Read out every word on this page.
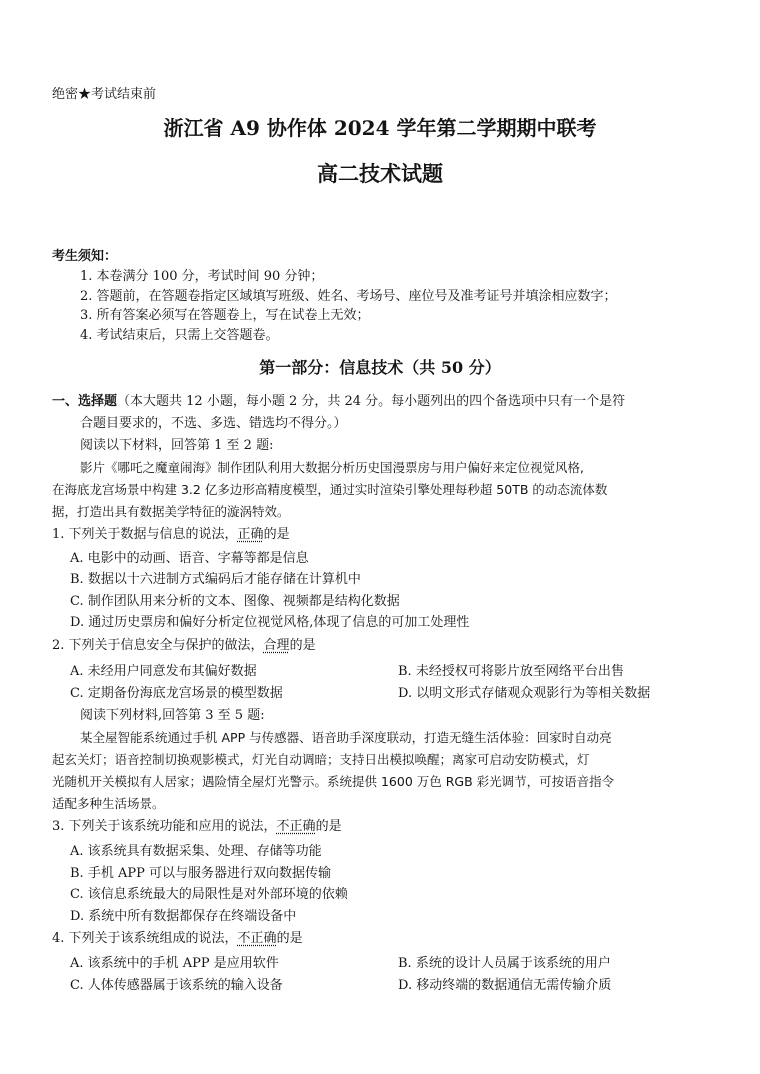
绝密★考试结束前
浙江省 A9 协作体 2024 学年第二学期期中联考
高二技术试题
考生须知：
1. 本卷满分 100 分，考试时间 90 分钟；
2. 答题前，在答题卷指定区域填写班级、姓名、考场号、座位号及准考证号并填涂相应数字；
3. 所有答案必须写在答题卷上，写在试卷上无效；
4. 考试结束后，只需上交答题卷。
第一部分：信息技术（共 50 分）
一、选择题（本大题共 12 小题，每小题 2 分，共 24 分。每小题列出的四个备选项中只有一个是符
合题目要求的，不选、多选、错选均不得分。）
阅读以下材料，回答第 1 至 2 题:
影片《哪吒之魔童闹海》制作团队利用大数据分析历史国漫票房与用户偏好来定位视觉风格,
在海底龙宫场景中构建 3.2 亿多边形高精度模型，通过实时渲染引擎处理每秒超 50TB 的动态流体数
据，打造出具有数据美学特征的漩涡特效。
1. 下列关于数据与信息的说法，正确的是
A. 电影中的动画、语音、字幕等都是信息
B. 数据以十六进制方式编码后才能存储在计算机中
C. 制作团队用来分析的文本、图像、视频都是结构化数据
D. 通过历史票房和偏好分析定位视觉风格,体现了信息的可加工处理性
2. 下列关于信息安全与保护的做法，合理的是
A. 未经用户同意发布其偏好数据	B. 未经授权可将影片放至网络平台出售
C. 定期备份海底龙宫场景的模型数据	D. 以明文形式存储观众观影行为等相关数据
阅读下列材料,回答第 3 至 5 题:
某全屋智能系统通过手机 APP 与传感器、语音助手深度联动，打造无缝生活体验：回家时自动亮
起玄关灯；语音控制切换观影模式，灯光自动调暗；支持日出模拟唤醒；离家可启动安防模式，灯
光随机开关模拟有人居家；遇险情全屋灯光警示。系统提供 1600 万色 RGB 彩光调节，可按语音指令
适配多种生活场景。
3. 下列关于该系统功能和应用的说法，不正确的是
A. 该系统具有数据采集、处理、存储等功能
B. 手机 APP 可以与服务器进行双向数据传输
C. 该信息系统最大的局限性是对外部环境的依赖
D. 系统中所有数据都保存在终端设备中
4. 下列关于该系统组成的说法，不正确的是
A. 该系统中的手机 APP 是应用软件	B. 系统的设计人员属于该系统的用户
C. 人体传感器属于该系统的输入设备	D. 移动终端的数据通信无需传输介质
